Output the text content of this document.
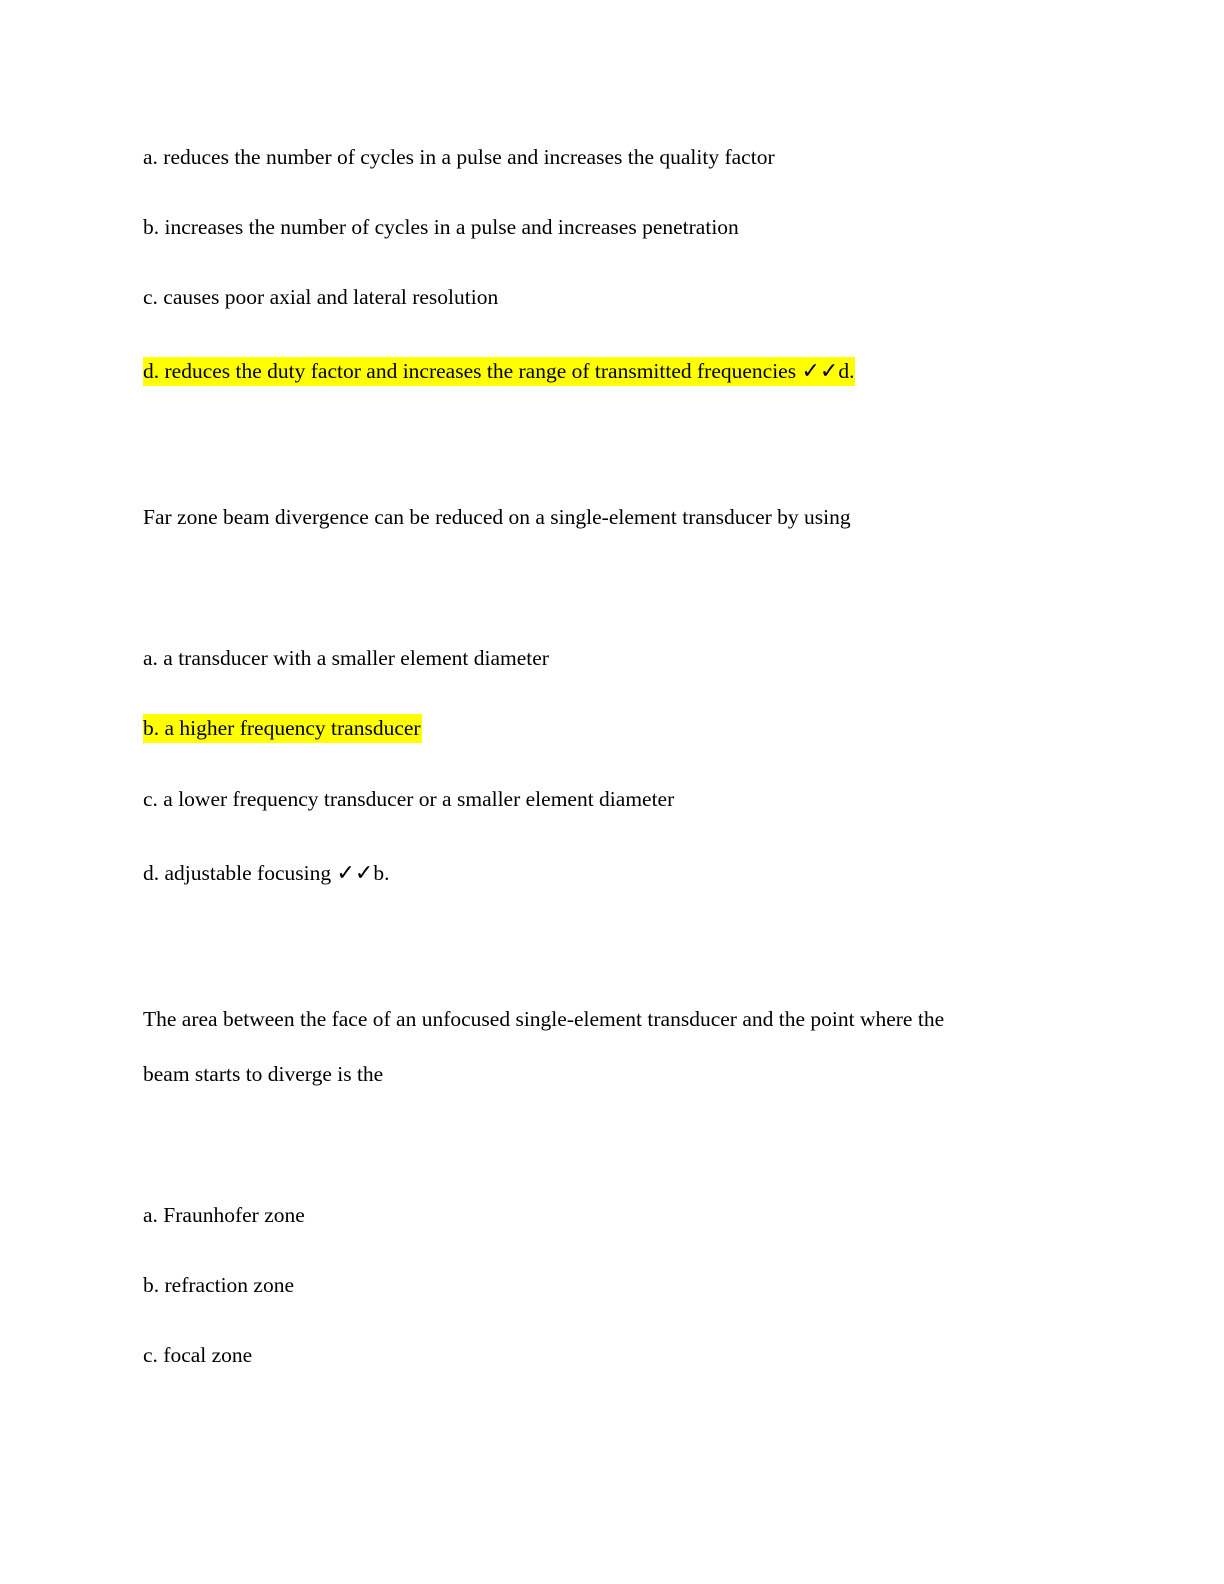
a. reduces the number of cycles in a pulse and increases the quality factor
b. increases the number of cycles in a pulse and increases penetration
c. causes poor axial and lateral resolution
d. reduces the duty factor and increases the range of transmitted frequencies ✓✓d.
Far zone beam divergence can be reduced on a single-element transducer by using
a. a transducer with a smaller element diameter
b. a higher frequency transducer
c. a lower frequency transducer or a smaller element diameter
d. adjustable focusing ✓✓b.
The area between the face of an unfocused single-element transducer and the point where the
beam starts to diverge is the
a. Fraunhofer zone
b. refraction zone
c. focal zone
